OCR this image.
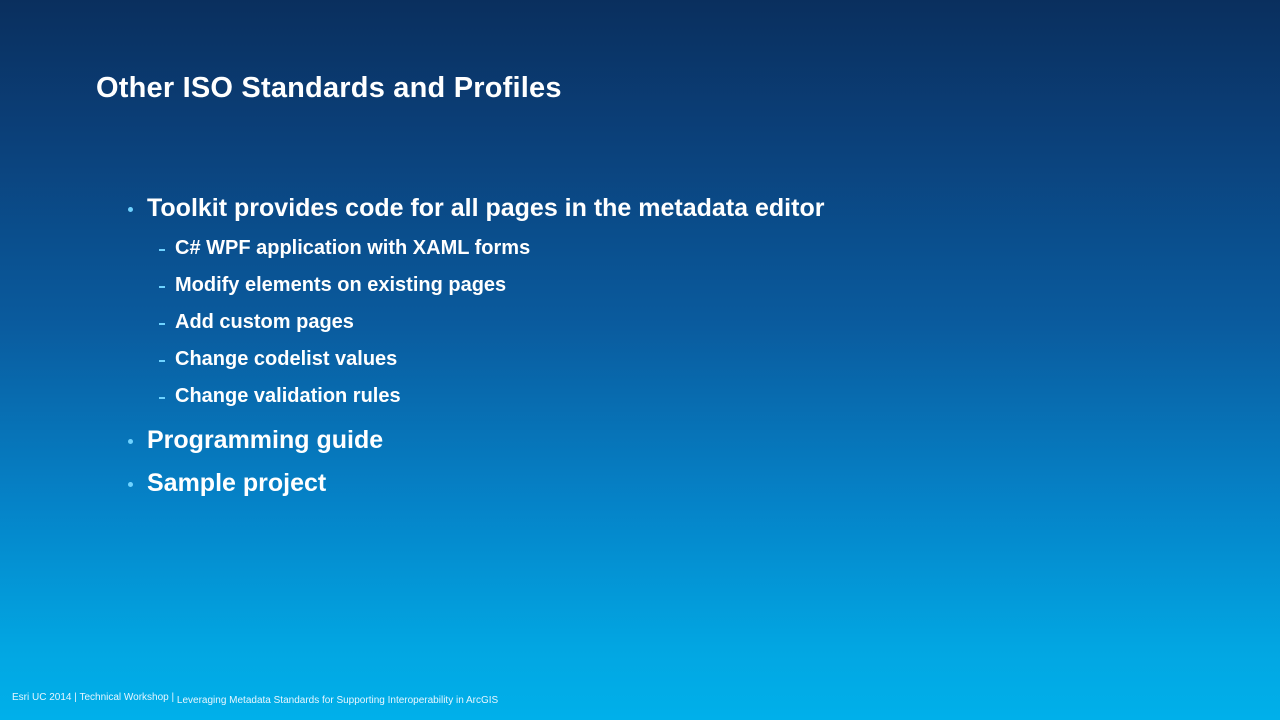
Other ISO Standards and Profiles
Toolkit provides code for all pages in the metadata editor
C# WPF application with XAML forms
Modify elements on existing pages
Add custom pages
Change codelist values
Change validation rules
Programming guide
Sample project
Esri UC 2014 | Technical Workshop | Leveraging Metadata Standards for Supporting Interoperability in ArcGIS
